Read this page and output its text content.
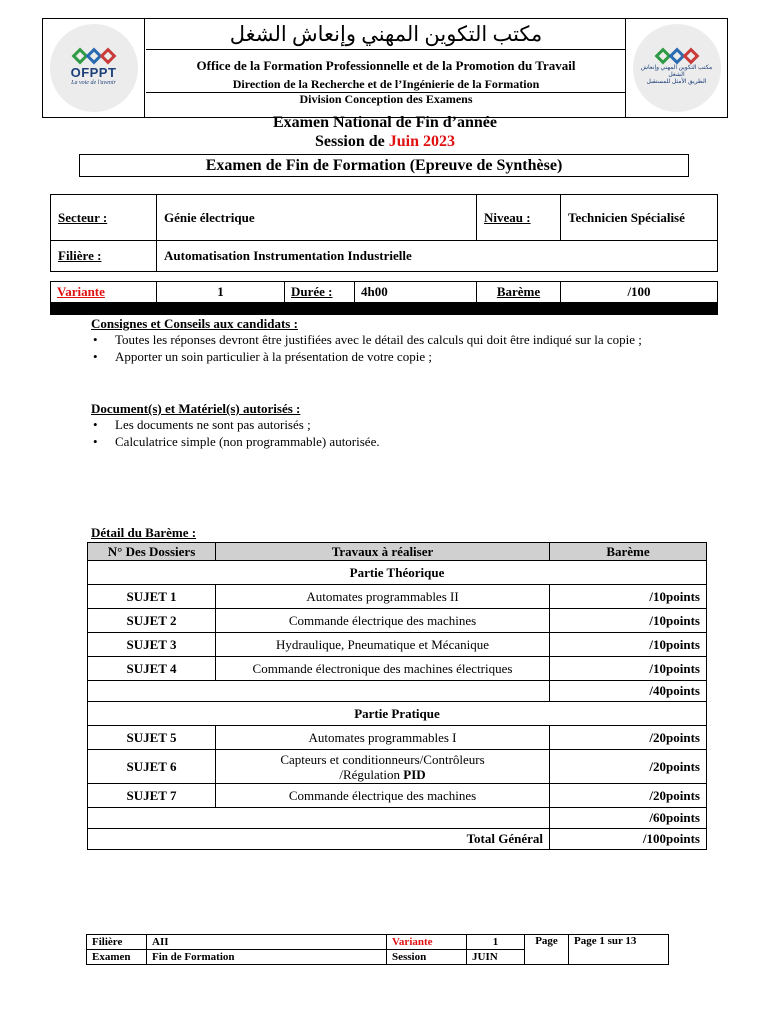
OFPPT
La voie de l'avenir
مكتب التكوين المهني وإنعاش الشغل
Office de la Formation Professionnelle et de la Promotion du Travail
Direction de la Recherche et de l’Ingénierie de la Formation
Division Conception des Examens
مكتب التكوين المهني وإنعاش الشغل
الطريق الأمثل للمستقبل
Examen National de Fin d’année
Session de Juin 2023
Examen de Fin de Formation (Epreuve de Synthèse)
Secteur :	Génie électrique	Niveau :	Technicien Spécialisé
Filière :	Automatisation Instrumentation Industrielle		
Variante	1	Durée :	4h00	Barème	/100
Consignes et Conseils aux candidats :
• Toutes les réponses devront être justifiées avec le détail des calculs qui doit être indiqué sur la copie ;
• Apporter un soin particulier à la présentation de votre copie ;
Document(s) et Matériel(s) autorisés :
• Les documents ne sont pas autorisés ;
• Calculatrice simple (non programmable) autorisée.
Détail du Barème :
N° Des Dossiers	Travaux à réaliser	Barème
Partie Théorique		
SUJET 1	Automates programmables II	/10points
SUJET 2	Commande électrique des machines	/10points
SUJET 3	Hydraulique, Pneumatique et Mécanique	/10points
SUJET 4	Commande électronique des machines électriques	/10points
		/40points
Partie Pratique		
SUJET 5	Automates programmables I	/20points
SUJET 6	Capteurs et conditionneurs/Contrôleurs
/Régulation PID	/20points
SUJET 7	Commande électrique des machines	/20points
		/60points
Total Général		/100points
Filière	AII	Variante	1	Page	Page 1 sur 13
Examen	Fin de Formation	Session	JUIN		
